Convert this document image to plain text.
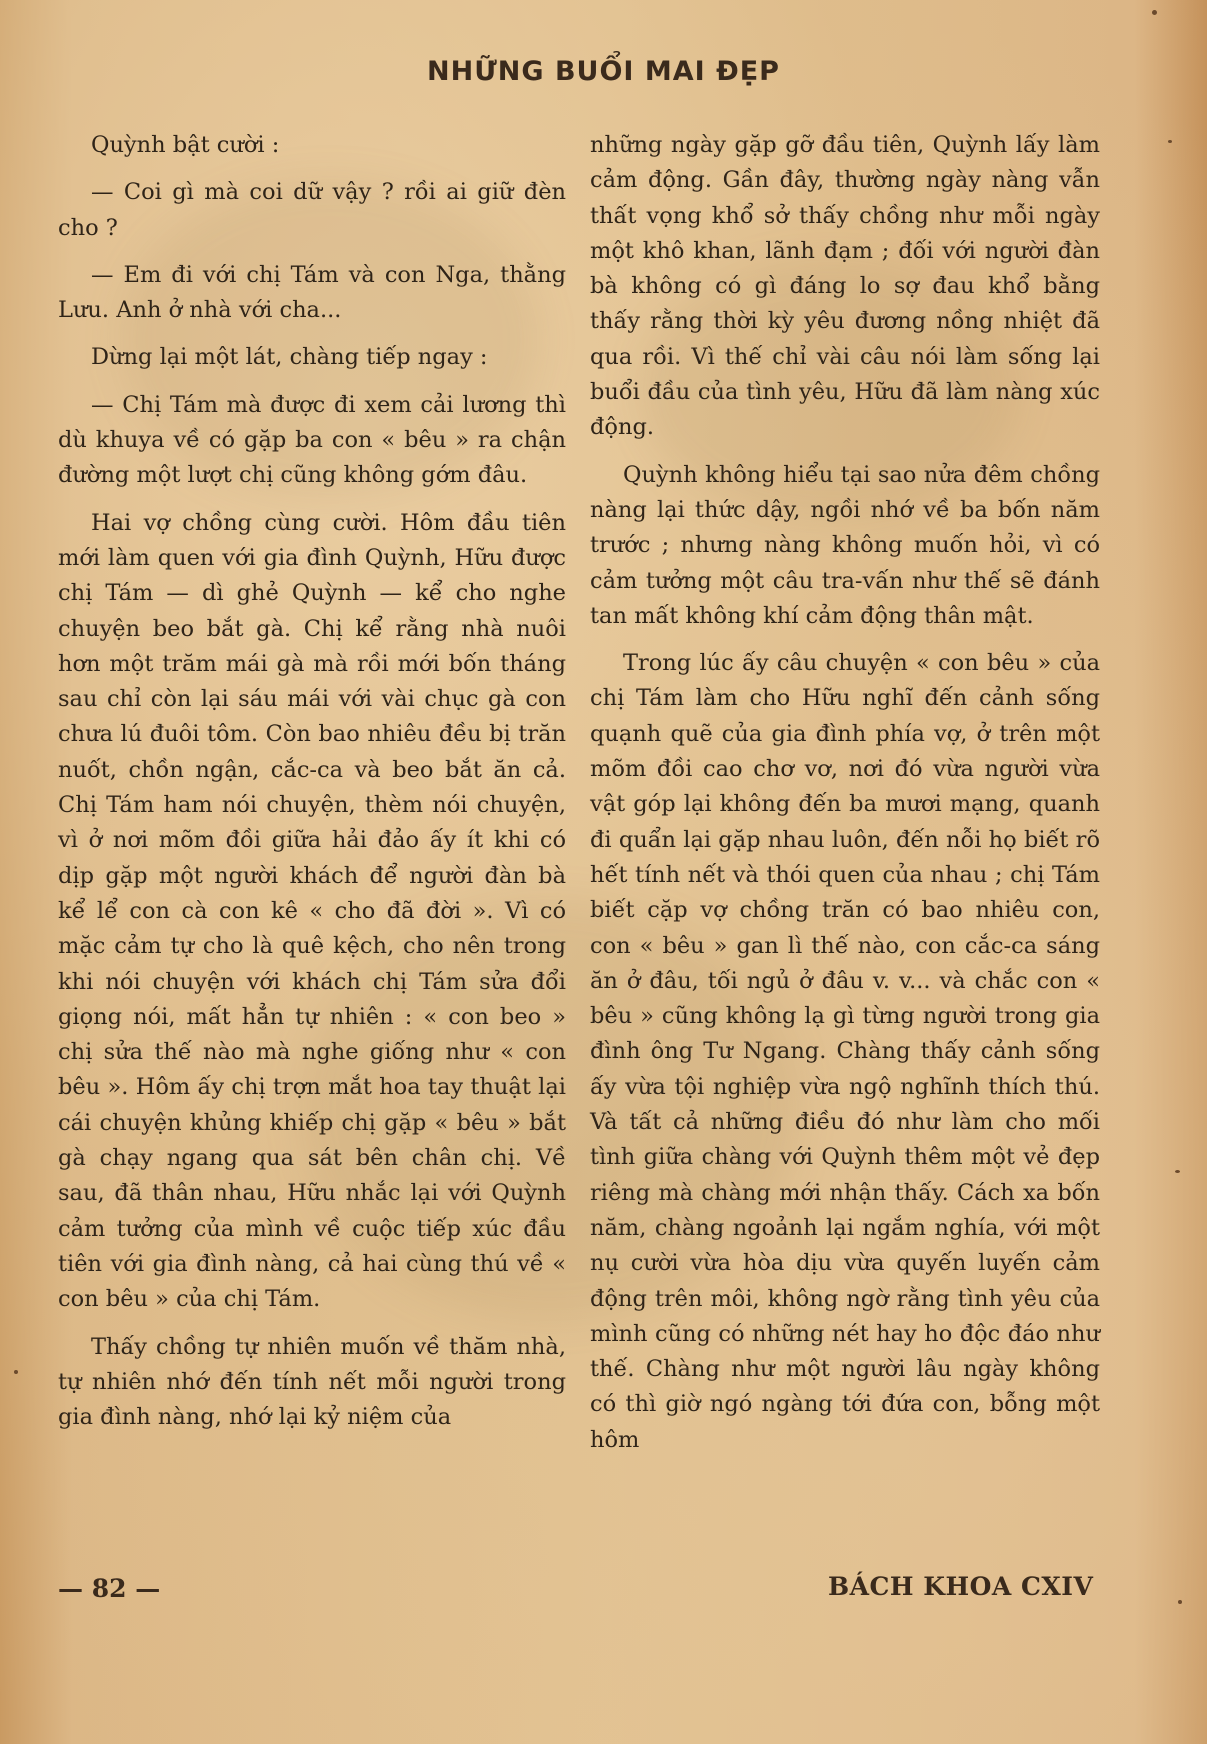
NHỮNG BUỔI MAI ĐẸP

Quỳnh bật cười :

— Coi gì mà coi dữ vậy ? rồi ai giữ đèn cho ?

— Em đi với chị Tám và con Nga, thằng Lưu. Anh ở nhà với cha...

Dừng lại một lát, chàng tiếp ngay :

— Chị Tám mà được đi xem cải lương thì dù khuya về có gặp ba con « bêu » ra chận đường một lượt chị cũng không gớm đâu.

Hai vợ chồng cùng cười. Hôm đầu tiên mới làm quen với gia đình Quỳnh, Hữu được chị Tám — dì ghẻ Quỳnh — kể cho nghe chuyện beo bắt gà. Chị kể rằng nhà nuôi hơn một trăm mái gà mà rồi mới bốn tháng sau chỉ còn lại sáu mái với vài chục gà con chưa lú đuôi tôm. Còn bao nhiêu đều bị trăn nuốt, chồn ngận, cắc-ca và beo bắt ăn cả. Chị Tám ham nói chuyện, thèm nói chuyện, vì ở nơi mõm đồi giữa hải đảo ấy ít khi có dịp gặp một người khách để người đàn bà kể lể con cà con kê « cho đã đời ». Vì có mặc cảm tự cho là quê kệch, cho nên trong khi nói chuyện với khách chị Tám sửa đổi giọng nói, mất hẳn tự nhiên : « con beo » chị sửa thế nào mà nghe giống như « con bêu ». Hôm ấy chị trợn mắt hoa tay thuật lại cái chuyện khủng khiếp chị gặp « bêu » bắt gà chạy ngang qua sát bên chân chị. Về sau, đã thân nhau, Hữu nhắc lại với Quỳnh cảm tưởng của mình về cuộc tiếp xúc đầu tiên với gia đình nàng, cả hai cùng thú về « con bêu » của chị Tám.

Thấy chồng tự nhiên muốn về thăm nhà, tự nhiên nhớ đến tính nết mỗi người trong gia đình nàng, nhớ lại kỷ niệm của

những ngày gặp gỡ đầu tiên, Quỳnh lấy làm cảm động. Gần đây, thường ngày nàng vẫn thất vọng khổ sở thấy chồng như mỗi ngày một khô khan, lãnh đạm ; đối với người đàn bà không có gì đáng lo sợ đau khổ bằng thấy rằng thời kỳ yêu đương nồng nhiệt đã qua rồi. Vì thế chỉ vài câu nói làm sống lại buổi đầu của tình yêu, Hữu đã làm nàng xúc động.

Quỳnh không hiểu tại sao nửa đêm chồng nàng lại thức dậy, ngồi nhớ về ba bốn năm trước ; nhưng nàng không muốn hỏi, vì có cảm tưởng một câu tra-vấn như thế sẽ đánh tan mất không khí cảm động thân mật.

Trong lúc ấy câu chuyện « con bêu » của chị Tám làm cho Hữu nghĩ đến cảnh sống quạnh quẽ của gia đình phía vợ, ở trên một mõm đồi cao chơ vơ, nơi đó vừa người vừa vật góp lại không đến ba mươi mạng, quanh đi quẩn lại gặp nhau luôn, đến nỗi họ biết rõ hết tính nết và thói quen của nhau ; chị Tám biết cặp vợ chồng trăn có bao nhiêu con, con « bêu » gan lì thế nào, con cắc-ca sáng ăn ở đâu, tối ngủ ở đâu v. v... và chắc con « bêu » cũng không lạ gì từng người trong gia đình ông Tư Ngang. Chàng thấy cảnh sống ấy vừa tội nghiệp vừa ngộ nghĩnh thích thú. Và tất cả những điều đó như làm cho mối tình giữa chàng với Quỳnh thêm một vẻ đẹp riêng mà chàng mới nhận thấy. Cách xa bốn năm, chàng ngoảnh lại ngắm nghía, với một nụ cười vừa hòa dịu vừa quyến luyến cảm động trên môi, không ngờ rằng tình yêu của mình cũng có những nét hay ho độc đáo như thế. Chàng như một người lâu ngày không có thì giờ ngó ngàng tới đứa con, bỗng một hôm

— 82 —	BÁCH KHOA CXIV
